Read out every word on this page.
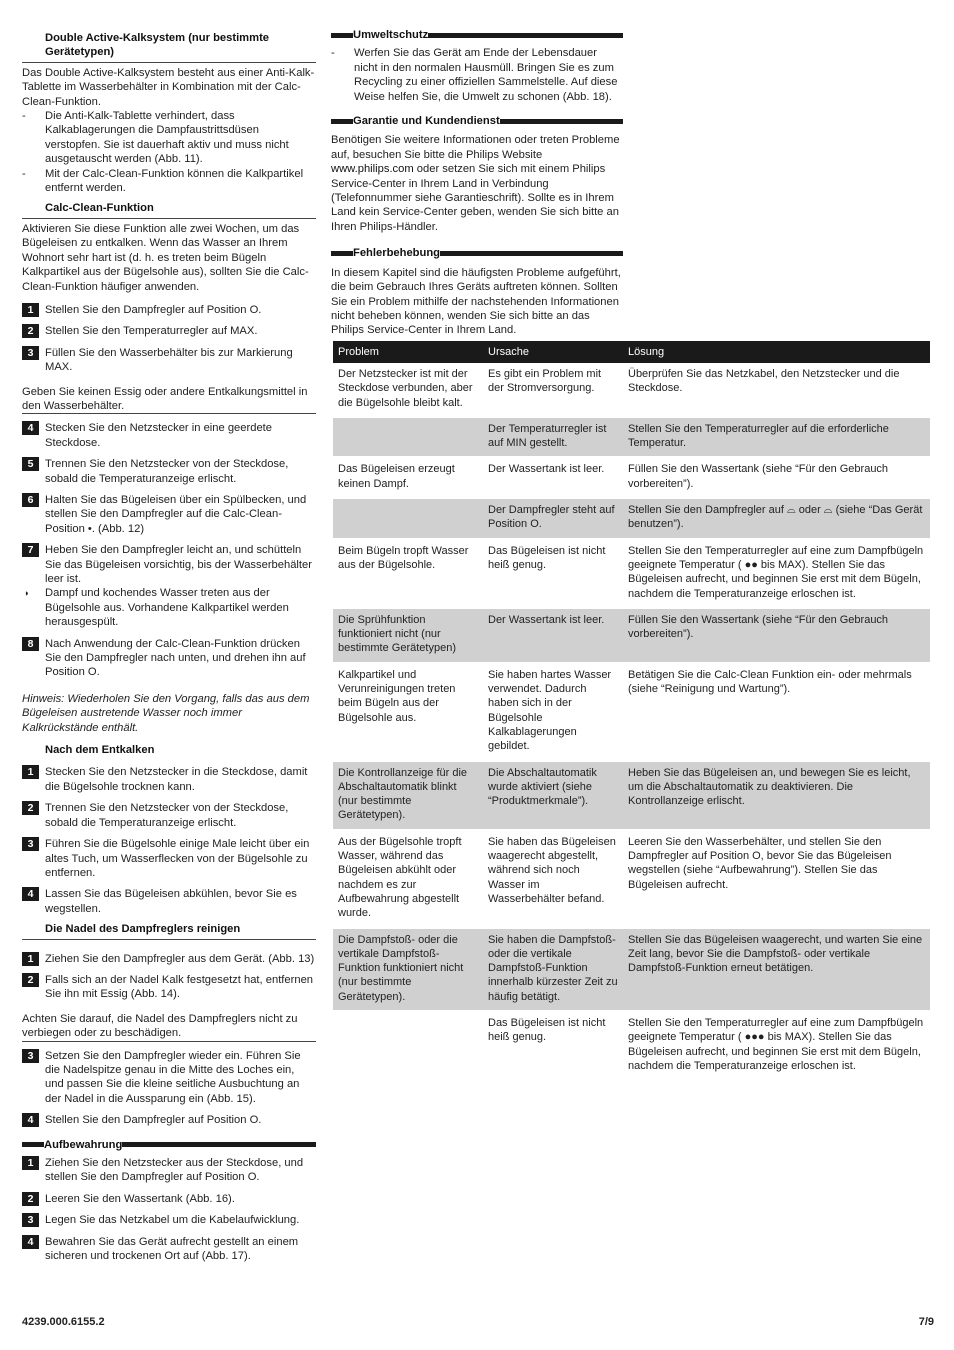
Double Active-Kalksystem (nur bestimmte Gerätetypen)
Das Double Active-Kalksystem besteht aus einer Anti-Kalk-Tablette im Wasserbehälter in Kombination mit der Calc-Clean-Funktion.
-	Die Anti-Kalk-Tablette verhindert, dass Kalkablagerungen die Dampfaustrittsdüsen verstopfen. Sie ist dauerhaft aktiv und muss nicht ausgetauscht werden (Abb. 11).
-	Mit der Calc-Clean-Funktion können die Kalkpartikel entfernt werden.
Calc-Clean-Funktion
Aktivieren Sie diese Funktion alle zwei Wochen, um das Bügeleisen zu entkalken. Wenn das Wasser an Ihrem Wohnort sehr hart ist (d. h. es treten beim Bügeln Kalkpartikel aus der Bügelsohle aus), sollten Sie die Calc-Clean-Funktion häufiger anwenden.
1	Stellen Sie den Dampfregler auf Position O.
2	Stellen Sie den Temperaturregler auf MAX.
3	Füllen Sie den Wasserbehälter bis zur Markierung MAX.
Geben Sie keinen Essig oder andere Entkalkungsmittel in den Wasserbehälter.
4	Stecken Sie den Netzstecker in eine geerdete Steckdose.
5	Trennen Sie den Netzstecker von der Steckdose, sobald die Temperaturanzeige erlischt.
6	Halten Sie das Bügeleisen über ein Spülbecken, und stellen Sie den Dampfregler auf die Calc-Clean-Position •. (Abb. 12)
7	Heben Sie den Dampfregler leicht an, und schütteln Sie das Bügeleisen vorsichtig, bis der Wasserbehälter leer ist.
◗	Dampf und kochendes Wasser treten aus der Bügelsohle aus. Vorhandene Kalkpartikel werden herausgespült.
8	Nach Anwendung der Calc-Clean-Funktion drücken Sie den Dampfregler nach unten, und drehen ihn auf Position O.
Hinweis: Wiederholen Sie den Vorgang, falls das aus dem Bügeleisen austretende Wasser noch immer Kalkrückstände enthält.
Nach dem Entkalken
1	Stecken Sie den Netzstecker in die Steckdose, damit die Bügelsohle trocknen kann.
2	Trennen Sie den Netzstecker von der Steckdose, sobald die Temperaturanzeige erlischt.
3	Führen Sie die Bügelsohle einige Male leicht über ein altes Tuch, um Wasserflecken von der Bügelsohle zu entfernen.
4	Lassen Sie das Bügeleisen abkühlen, bevor Sie es wegstellen.
Die Nadel des Dampfreglers reinigen
1	Ziehen Sie den Dampfregler aus dem Gerät. (Abb. 13)
2	Falls sich an der Nadel Kalk festgesetzt hat, entfernen Sie ihn mit Essig (Abb. 14).
Achten Sie darauf, die Nadel des Dampfreglers nicht zu verbiegen oder zu beschädigen.
3	Setzen Sie den Dampfregler wieder ein. Führen Sie die Nadelspitze genau in die Mitte des Loches ein, und passen Sie die kleine seitliche Ausbuchtung an der Nadel in die Aussparung ein (Abb. 15).
4	Stellen Sie den Dampfregler auf Position O.
Aufbewahrung
1	Ziehen Sie den Netzstecker aus der Steckdose, und stellen Sie den Dampfregler auf Position O.
2	Leeren Sie den Wassertank (Abb. 16).
3	Legen Sie das Netzkabel um die Kabelaufwicklung.
4	Bewahren Sie das Gerät aufrecht gestellt an einem sicheren und trockenen Ort auf (Abb. 17).
Umweltschutz
-	Werfen Sie das Gerät am Ende der Lebensdauer nicht in den normalen Hausmüll. Bringen Sie es zum Recycling zu einer offiziellen Sammelstelle. Auf diese Weise helfen Sie, die Umwelt zu schonen (Abb. 18).
Garantie und Kundendienst
Benötigen Sie weitere Informationen oder treten Probleme auf, besuchen Sie bitte die Philips Website www.philips.com oder setzen Sie sich mit einem Philips Service-Center in Ihrem Land in Verbindung (Telefonnummer siehe Garantieschrift). Sollte es in Ihrem Land kein Service-Center geben, wenden Sie sich bitte an Ihren Philips-Händler.
Fehlerbehebung
In diesem Kapitel sind die häufigsten Probleme aufgeführt, die beim Gebrauch Ihres Geräts auftreten können. Sollten Sie ein Problem mithilfe der nachstehenden Informationen nicht beheben können, wenden Sie sich bitte an das Philips Service-Center in Ihrem Land.
Problem	Ursache	Lösung
Der Netzstecker ist mit der Steckdose verbunden, aber die Bügelsohle bleibt kalt.	Es gibt ein Problem mit der Stromversorgung.	Überprüfen Sie das Netzkabel, den Netzstecker und die Steckdose.
	Der Temperaturregler ist auf MIN gestellt.	Stellen Sie den Temperaturregler auf die erforderliche Temperatur.
Das Bügeleisen erzeugt keinen Dampf.	Der Wassertank ist leer.	Füllen Sie den Wassertank (siehe “Für den Gebrauch vorbereiten”).
	Der Dampfregler steht auf Position O.	Stellen Sie den Dampfregler auf ⌓ oder ⌓ (siehe “Das Gerät benutzen”).
Beim Bügeln tropft Wasser aus der Bügelsohle.	Das Bügeleisen ist nicht heiß genug.	Stellen Sie den Temperaturregler auf eine zum Dampfbügeln geeignete Temperatur ( ●● bis MAX). Stellen Sie das Bügeleisen aufrecht, und beginnen Sie erst mit dem Bügeln, nachdem die Temperaturanzeige erloschen ist.
Die Sprühfunktion funktioniert nicht (nur bestimmte Gerätetypen)	Der Wassertank ist leer.	Füllen Sie den Wassertank (siehe “Für den Gebrauch vorbereiten”).
Kalkpartikel und Verunreinigungen treten beim Bügeln aus der Bügelsohle aus.	Sie haben hartes Wasser verwendet. Dadurch haben sich in der Bügelsohle Kalkablagerungen gebildet.	Betätigen Sie die Calc-Clean Funktion ein- oder mehrmals (siehe “Reinigung und Wartung”).
Die Kontrollanzeige für die Abschaltautomatik blinkt (nur bestimmte Gerätetypen).	Die Abschaltautomatik wurde aktiviert (siehe “Produktmerkmale”).	Heben Sie das Bügeleisen an, und bewegen Sie es leicht, um die Abschaltautomatik zu deaktivieren. Die Kontrollanzeige erlischt.
Aus der Bügelsohle tropft Wasser, während das Bügeleisen abkühlt oder nachdem es zur Aufbewahrung abgestellt wurde.	Sie haben das Bügeleisen waagerecht abgestellt, während sich noch Wasser im Wasserbehälter befand.	Leeren Sie den Wasserbehälter, und stellen Sie den Dampfregler auf Position O, bevor Sie das Bügeleisen wegstellen (siehe “Aufbewahrung”). Stellen Sie das Bügeleisen aufrecht.
Die Dampfstoß- oder die vertikale Dampfstoß-Funktion funktioniert nicht (nur bestimmte Gerätetypen).	Sie haben die Dampfstoß- oder die vertikale Dampfstoß-Funktion innerhalb kürzester Zeit zu häufig betätigt.	Stellen Sie das Bügeleisen waagerecht, und warten Sie eine Zeit lang, bevor Sie die Dampfstoß- oder vertikale Dampfstoß-Funktion erneut betätigen.
	Das Bügeleisen ist nicht heiß genug.	Stellen Sie den Temperaturregler auf eine zum Dampfbügeln geeignete Temperatur ( ●●● bis MAX). Stellen Sie das Bügeleisen aufrecht, und beginnen Sie erst mit dem Bügeln, nachdem die Temperaturanzeige erloschen ist.
4239.000.6155.2	7/9
